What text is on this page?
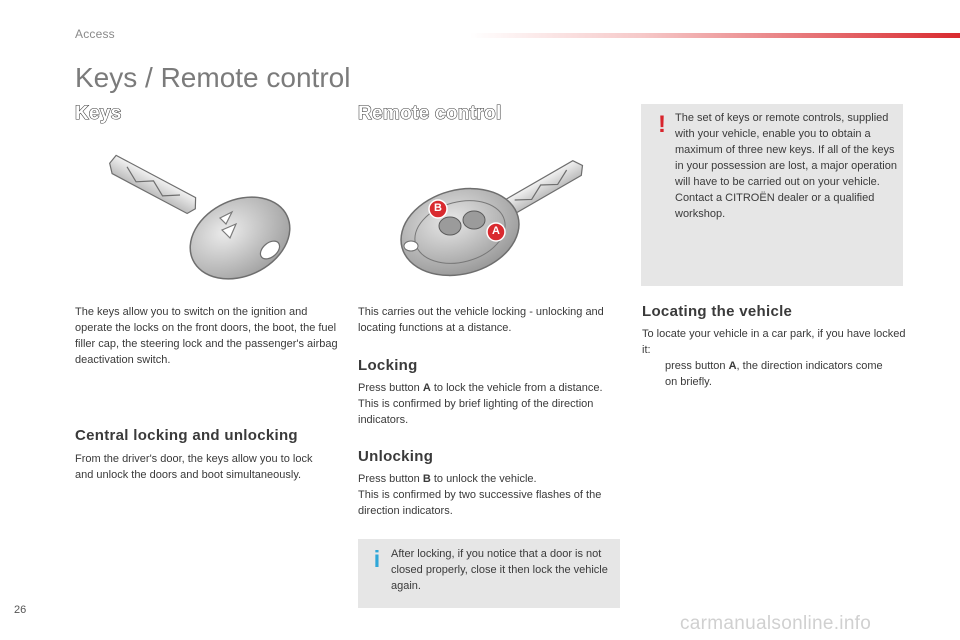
Access
Keys / Remote control
Keys
The keys allow you to switch on the ignition and operate the locks on the front doors, the boot, the fuel filler cap, the steering lock and the passenger's airbag deactivation switch.
Central locking and unlocking
From the driver's door, the keys allow you to lock and unlock the doors and boot simultaneously.
Remote control
B
A
This carries out the vehicle locking - unlocking and locating functions at a distance.
Locking
Press button A to lock the vehicle from a distance. This is confirmed by brief lighting of the direction indicators.
Unlocking
Press button B to unlock the vehicle.
This is confirmed by two successive flashes of the direction indicators.
i After locking, if you notice that a door is not closed properly, close it then lock the vehicle again.
! The set of keys or remote controls, supplied with your vehicle, enable you to obtain a maximum of three new keys. If all of the keys in your possession are lost, a major operation will have to be carried out on your vehicle.
Contact a CITROËN dealer or a qualified workshop.
Locating the vehicle
To locate your vehicle in a car park, if you have locked it:
press button A, the direction indicators come on briefly.
26
carmanualsonline.info
